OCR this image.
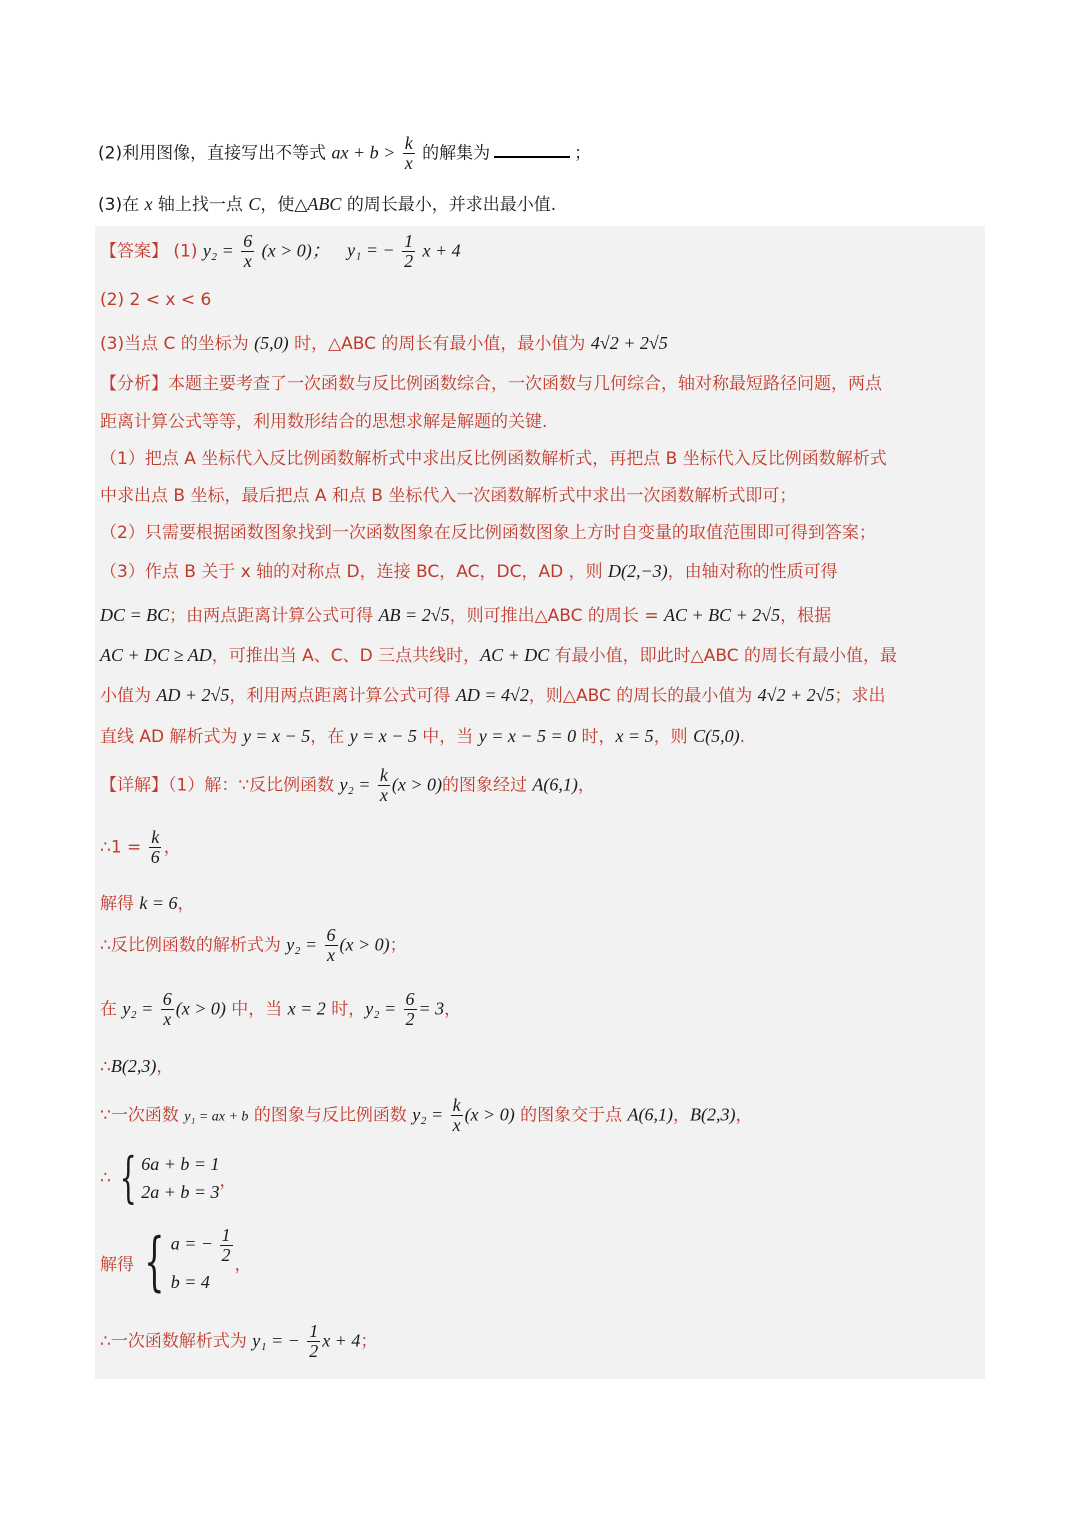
(2)利用图像，直接写出不等式 ax + $b > \frac{k}{x}$ 的解集为	；
(3)在 x 轴上找一点 C，使△ABC 的周长最小，并求出最小值.
【答案】 (1) $y_2 = \frac{6}{x} (x > 0)$； y₁ = − $\frac{1}{2}$ x + 4
(2) 2 < x < 6
(3)当点 C 的坐标为 (5,0) 时，△ABC 的周长有最小值，最小值为 4√2 + 2√5
【分析】本题主要考查了一次函数与反比例函数综合，一次函数与几何综合，轴对称最短路径问题，两点
距离计算公式等等，利用数形结合的思想求解是解题的关键.
（1）把点 A 坐标代入反比例函数解析式中求出反比例函数解析式，再把点 B 坐标代入反比例函数解析式
中求出点 B 坐标，最后把点 A 和点 B 坐标代入一次函数解析式中求出一次函数解析式即可；
（2）只需要根据函数图象找到一次函数图象在反比例函数图象上方时自变量的取值范围即可得到答案；
（3）作点 B 关于 x 轴的对称点 D，连接 BC，AC，DC，AD ，则 D(2,−3)，由轴对称的性质可得
DC = BC；由两点距离计算公式可得 AB = 2√5，则可推出△ABC 的周长 = AC + BC + 2√5，根据
AC + DC ≥ AD，可推出当 A、C、D 三点共线时，AC + DC 有最小值，即此时△ABC 的周长有最小值，最
小值为 AD + 2√5，利用两点距离计算公式可得 AD = 4√2，则△ABC 的周长的最小值为 4√2 + 2√5；求出
直线 AD 解析式为 y = x − 5，在 y = x − 5 中，当 y = x − 5 = 0 时，x = 5，则 C(5,0).
【详解】（1）解：∵反比例函数 $y_2 = \frac{k}{x} (x > 0)$的图象经过 A(6,1)，
∴1 = $\frac{k}{6}$ ，
解得 k = 6，
∴反比例函数的解析式为 $y_2 = \frac{6}{x} (x > 0)$；
在 $y_2 = \frac{6}{x} (x > 0)$ 中，当 x = 2 时，$y_2 = \frac{6}{2} = 3$，
∴B(2,3)，
∵一次函数 y₁ = ax + b 的图象与反比例函数 $y_2 = \frac{k}{x} (x > 0)$ 的图象交于点 A(6,1)，B(2,3)，
∴ { 6a + b = 1
2a + b = 3
，
解得 { a = − $\frac{1}{2}$
b = 4
，
∴一次函数解析式为 y₁ = − $\frac{1}{2}$ x + 4；
